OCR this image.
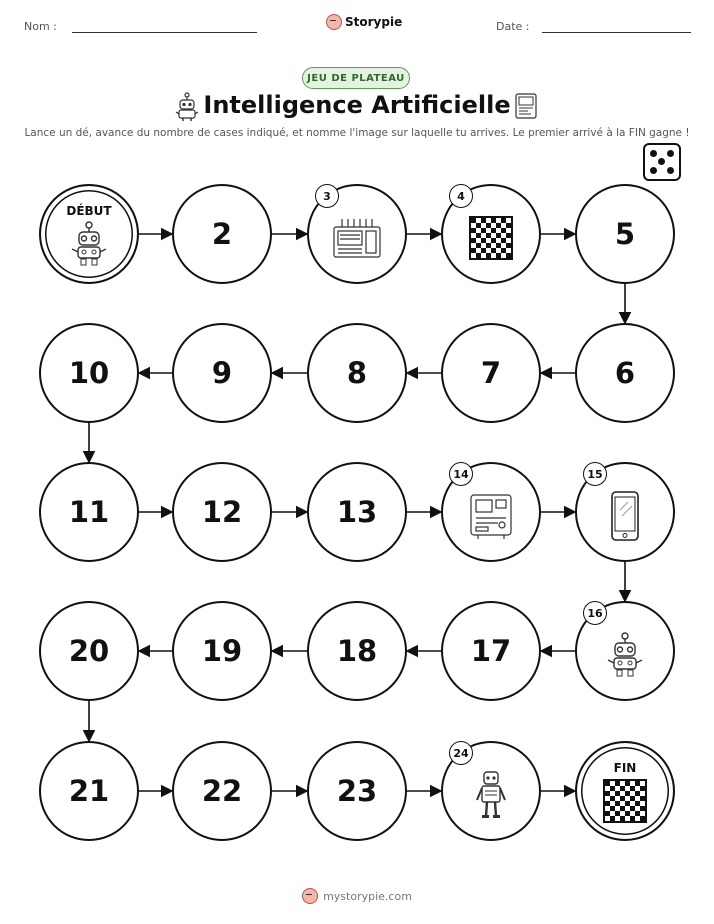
Nom :	Storypie	Date :
JEU DE PLATEAU
Intelligence Artificielle
Lance un dé, avance du nombre de cases indiqué, et nomme l'image sur laquelle tu arrives. Le premier arrivé à la FIN gagne !
DÉBUT
2
3	4
5
6
7
8
9
10
11	12	13
14	15
16
17
18
19
20
21	22	23
24
FIN
mystorypie.com
